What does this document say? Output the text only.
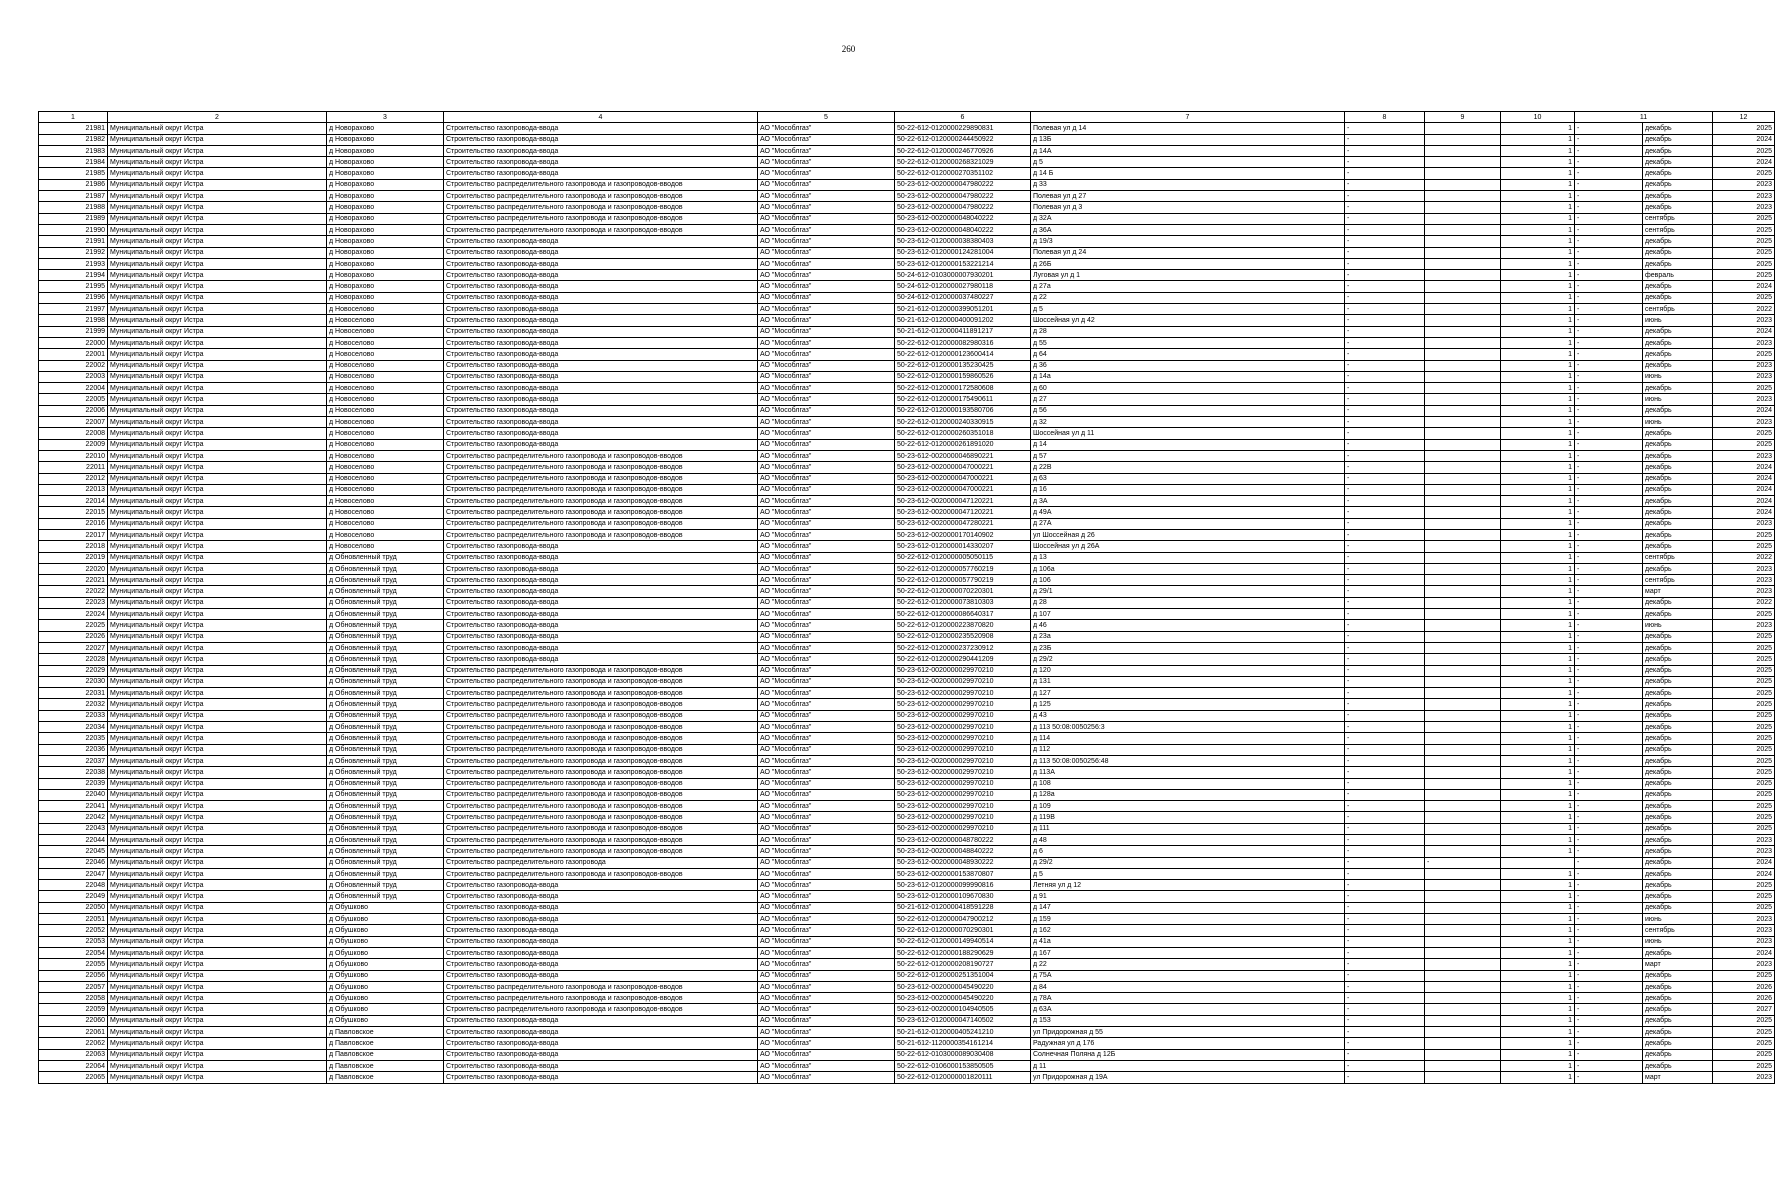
260
1	2	3	4	5	6	7	8	9	10	11		12
21981	Муниципальный округ Истра	д Новорахово	Строительство газопровода-ввода	АО "Мособлгаз"	50-22-612-0120000229890831	Полевая ул д 14	-		1	-	декабрь	2025
21982	Муниципальный округ Истра	д Новорахово	Строительство газопровода-ввода	АО "Мособлгаз"	50-22-612-0120000244450922	д 13Б	-		1	-	декабрь	2024
21983	Муниципальный округ Истра	д Новорахово	Строительство газопровода-ввода	АО "Мособлгаз"	50-22-612-0120000246770926	д 14А	-		1	-	декабрь	2025
21984	Муниципальный округ Истра	д Новорахово	Строительство газопровода-ввода	АО "Мособлгаз"	50-22-612-0120000268321029	д 5	-		1	-	декабрь	2024
21985	Муниципальный округ Истра	д Новорахово	Строительство газопровода-ввода	АО "Мособлгаз"	50-22-612-0120000270351102	д 14 Б	-		1	-	декабрь	2025
21986	Муниципальный округ Истра	д Новорахово	Строительство распределительного газопровода и газопроводов-вводов	АО "Мособлгаз"	50-23-612-0020000047980222	д 33	-		1	-	декабрь	2023
21987	Муниципальный округ Истра	д Новорахово	Строительство распределительного газопровода и газопроводов-вводов	АО "Мособлгаз"	50-23-612-0020000047980222	Полевая ул д 27	-		1	-	декабрь	2023
21988	Муниципальный округ Истра	д Новорахово	Строительство распределительного газопровода и газопроводов-вводов	АО "Мособлгаз"	50-23-612-0020000047980222	Полевая ул д 3	-		1	-	декабрь	2023
21989	Муниципальный округ Истра	д Новорахово	Строительство распределительного газопровода и газопроводов-вводов	АО "Мособлгаз"	50-23-612-0020000048040222	д 32А	-		1	-	сентябрь	2025
21990	Муниципальный округ Истра	д Новорахово	Строительство распределительного газопровода и газопроводов-вводов	АО "Мособлгаз"	50-23-612-0020000048040222	д 36А	-		1	-	сентябрь	2025
21991	Муниципальный округ Истра	д Новорахово	Строительство газопровода-ввода	АО "Мособлгаз"	50-23-612-0120000038380403	д 19/3	-		1	-	декабрь	2025
21992	Муниципальный округ Истра	д Новорахово	Строительство газопровода-ввода	АО "Мособлгаз"	50-23-612-0120000124281004	Полевая ул д 24	-		1	-	декабрь	2025
21993	Муниципальный округ Истра	д Новорахово	Строительство газопровода-ввода	АО "Мособлгаз"	50-23-612-0120000153221214	д 26Б	-		1	-	декабрь	2025
21994	Муниципальный округ Истра	д Новорахово	Строительство газопровода-ввода	АО "Мособлгаз"	50-24-612-0103000007930201	Луговая ул д 1	-		1	-	февраль	2025
21995	Муниципальный округ Истра	д Новорахово	Строительство газопровода-ввода	АО "Мособлгаз"	50-24-612-0120000027980118	д 27а	-		1	-	декабрь	2024
21996	Муниципальный округ Истра	д Новорахово	Строительство газопровода-ввода	АО "Мособлгаз"	50-24-612-0120000037480227	д 22	-		1	-	декабрь	2025
21997	Муниципальный округ Истра	д Новоселово	Строительство газопровода-ввода	АО "Мособлгаз"	50-21-612-0120000399051201	д 5	-		1	-	сентябрь	2022
21998	Муниципальный округ Истра	д Новоселово	Строительство газопровода-ввода	АО "Мособлгаз"	50-21-612-0120000400091202	Шоссейная ул д 42	-		1	-	июнь	2023
21999	Муниципальный округ Истра	д Новоселово	Строительство газопровода-ввода	АО "Мособлгаз"	50-21-612-0120000411891217	д 28	-		1	-	декабрь	2024
22000	Муниципальный округ Истра	д Новоселово	Строительство газопровода-ввода	АО "Мособлгаз"	50-22-612-0120000082980316	д 55	-		1	-	декабрь	2023
22001	Муниципальный округ Истра	д Новоселово	Строительство газопровода-ввода	АО "Мособлгаз"	50-22-612-0120000123600414	д 64	-		1	-	декабрь	2025
22002	Муниципальный округ Истра	д Новоселово	Строительство газопровода-ввода	АО "Мособлгаз"	50-22-612-0120000135230425	д 36	-		1	-	декабрь	2023
22003	Муниципальный округ Истра	д Новоселово	Строительство газопровода-ввода	АО "Мособлгаз"	50-22-612-0120000159860526	д 14а	-		1	-	июнь	2023
22004	Муниципальный округ Истра	д Новоселово	Строительство газопровода-ввода	АО "Мособлгаз"	50-22-612-0120000172580608	д 60	-		1	-	декабрь	2025
22005	Муниципальный округ Истра	д Новоселово	Строительство газопровода-ввода	АО "Мособлгаз"	50-22-612-0120000175490611	д 27	-		1	-	июнь	2023
22006	Муниципальный округ Истра	д Новоселово	Строительство газопровода-ввода	АО "Мособлгаз"	50-22-612-0120000193580706	д 56	-		1	-	декабрь	2024
22007	Муниципальный округ Истра	д Новоселово	Строительство газопровода-ввода	АО "Мособлгаз"	50-22-612-0120000240330915	д 32	-		1	-	июнь	2023
22008	Муниципальный округ Истра	д Новоселово	Строительство газопровода-ввода	АО "Мособлгаз"	50-22-612-0120000260351018	Шоссейная ул д 11	-		1	-	декабрь	2025
22009	Муниципальный округ Истра	д Новоселово	Строительство газопровода-ввода	АО "Мособлгаз"	50-22-612-0120000261891020	д 14	-		1	-	декабрь	2025
22010	Муниципальный округ Истра	д Новоселово	Строительство распределительного газопровода и газопроводов-вводов	АО "Мособлгаз"	50-23-612-0020000046890221	д 57	-		1	-	декабрь	2023
22011	Муниципальный округ Истра	д Новоселово	Строительство распределительного газопровода и газопроводов-вводов	АО "Мособлгаз"	50-23-612-0020000047000221	д 22В	-		1	-	декабрь	2024
22012	Муниципальный округ Истра	д Новоселово	Строительство распределительного газопровода и газопроводов-вводов	АО "Мособлгаз"	50-23-612-0020000047000221	д 63	-		1	-	декабрь	2024
22013	Муниципальный округ Истра	д Новоселово	Строительство распределительного газопровода и газопроводов-вводов	АО "Мособлгаз"	50-23-612-0020000047000221	д 16	-		1	-	декабрь	2024
22014	Муниципальный округ Истра	д Новоселово	Строительство распределительного газопровода и газопроводов-вводов	АО "Мособлгаз"	50-23-612-0020000047120221	д 3А	-		1	-	декабрь	2024
22015	Муниципальный округ Истра	д Новоселово	Строительство распределительного газопровода и газопроводов-вводов	АО "Мособлгаз"	50-23-612-0020000047120221	д 49А	-		1	-	декабрь	2024
22016	Муниципальный округ Истра	д Новоселово	Строительство распределительного газопровода и газопроводов-вводов	АО "Мособлгаз"	50-23-612-0020000047280221	д 27А	-		1	-	декабрь	2023
22017	Муниципальный округ Истра	д Новоселово	Строительство распределительного газопровода и газопроводов-вводов	АО "Мособлгаз"	50-23-612-0020000170140902	ул Шоссейная д 26	-		1	-	декабрь	2025
22018	Муниципальный округ Истра	д Новоселово	Строительство газопровода-ввода	АО "Мособлгаз"	50-23-612-0120000014330207	Шоссейная ул д 26А	-		1	-	декабрь	2025
22019	Муниципальный округ Истра	д Обновленный труд	Строительство газопровода-ввода	АО "Мособлгаз"	50-22-612-0120000005050115	д 13	-		1	-	сентябрь	2022
22020	Муниципальный округ Истра	д Обновленный труд	Строительство газопровода-ввода	АО "Мособлгаз"	50-22-612-0120000057760219	д 106а	-		1	-	декабрь	2023
22021	Муниципальный округ Истра	д Обновленный труд	Строительство газопровода-ввода	АО "Мособлгаз"	50-22-612-0120000057790219	д 106	-		1	-	сентябрь	2023
22022	Муниципальный округ Истра	д Обновленный труд	Строительство газопровода-ввода	АО "Мособлгаз"	50-22-612-0120000070220301	д 29/1	-		1	-	март	2023
22023	Муниципальный округ Истра	д Обновленный труд	Строительство газопровода-ввода	АО "Мособлгаз"	50-22-612-0120000073810303	д 28	-		1	-	декабрь	2022
22024	Муниципальный округ Истра	д Обновленный труд	Строительство газопровода-ввода	АО "Мособлгаз"	50-22-612-0120000086640317	д 107	-		1	-	декабрь	2025
22025	Муниципальный округ Истра	д Обновленный труд	Строительство газопровода-ввода	АО "Мособлгаз"	50-22-612-0120000223870820	д 46	-		1	-	июнь	2023
22026	Муниципальный округ Истра	д Обновленный труд	Строительство газопровода-ввода	АО "Мособлгаз"	50-22-612-0120000235520908	д 23а	-		1	-	декабрь	2025
22027	Муниципальный округ Истра	д Обновленный труд	Строительство газопровода-ввода	АО "Мособлгаз"	50-22-612-0120000237230912	д 23Б	-		1	-	декабрь	2025
22028	Муниципальный округ Истра	д Обновленный труд	Строительство газопровода-ввода	АО "Мособлгаз"	50-22-612-0120000290441209	д 29/2	-		1	-	декабрь	2025
22029	Муниципальный округ Истра	д Обновленный труд	Строительство распределительного газопровода и газопроводов-вводов	АО "Мособлгаз"	50-23-612-0020000029970210	д 120	-		1	-	декабрь	2025
22030	Муниципальный округ Истра	д Обновленный труд	Строительство распределительного газопровода и газопроводов-вводов	АО "Мособлгаз"	50-23-612-0020000029970210	д 131	-		1	-	декабрь	2025
22031	Муниципальный округ Истра	д Обновленный труд	Строительство распределительного газопровода и газопроводов-вводов	АО "Мособлгаз"	50-23-612-0020000029970210	д 127	-		1	-	декабрь	2025
22032	Муниципальный округ Истра	д Обновленный труд	Строительство распределительного газопровода и газопроводов-вводов	АО "Мособлгаз"	50-23-612-0020000029970210	д 125	-		1	-	декабрь	2025
22033	Муниципальный округ Истра	д Обновленный труд	Строительство распределительного газопровода и газопроводов-вводов	АО "Мособлгаз"	50-23-612-0020000029970210	д 43	-		1	-	декабрь	2025
22034	Муниципальный округ Истра	д Обновленный труд	Строительство распределительного газопровода и газопроводов-вводов	АО "Мособлгаз"	50-23-612-0020000029970210	д 113 50:08:0050256:3	-		1	-	декабрь	2025
22035	Муниципальный округ Истра	д Обновленный труд	Строительство распределительного газопровода и газопроводов-вводов	АО "Мособлгаз"	50-23-612-0020000029970210	д 114	-		1	-	декабрь	2025
22036	Муниципальный округ Истра	д Обновленный труд	Строительство распределительного газопровода и газопроводов-вводов	АО "Мособлгаз"	50-23-612-0020000029970210	д 112	-		1	-	декабрь	2025
22037	Муниципальный округ Истра	д Обновленный труд	Строительство распределительного газопровода и газопроводов-вводов	АО "Мособлгаз"	50-23-612-0020000029970210	д 113 50:08:0050256:48	-		1	-	декабрь	2025
22038	Муниципальный округ Истра	д Обновленный труд	Строительство распределительного газопровода и газопроводов-вводов	АО "Мособлгаз"	50-23-612-0020000029970210	д 113А	-		1	-	декабрь	2025
22039	Муниципальный округ Истра	д Обновленный труд	Строительство распределительного газопровода и газопроводов-вводов	АО "Мособлгаз"	50-23-612-0020000029970210	д 108	-		1	-	декабрь	2025
22040	Муниципальный округ Истра	д Обновленный труд	Строительство распределительного газопровода и газопроводов-вводов	АО "Мособлгаз"	50-23-612-0020000029970210	д 128а	-		1	-	декабрь	2025
22041	Муниципальный округ Истра	д Обновленный труд	Строительство распределительного газопровода и газопроводов-вводов	АО "Мособлгаз"	50-23-612-0020000029970210	д 109	-		1	-	декабрь	2025
22042	Муниципальный округ Истра	д Обновленный труд	Строительство распределительного газопровода и газопроводов-вводов	АО "Мособлгаз"	50-23-612-0020000029970210	д 119В	-		1	-	декабрь	2025
22043	Муниципальный округ Истра	д Обновленный труд	Строительство распределительного газопровода и газопроводов-вводов	АО "Мособлгаз"	50-23-612-0020000029970210	д 111	-		1	-	декабрь	2025
22044	Муниципальный округ Истра	д Обновленный труд	Строительство распределительного газопровода и газопроводов-вводов	АО "Мособлгаз"	50-23-612-0020000048780222	д 48	-		1	-	декабрь	2023
22045	Муниципальный округ Истра	д Обновленный труд	Строительство распределительного газопровода и газопроводов-вводов	АО "Мособлгаз"	50-23-612-0020000048840222	д 6	-		1	-	декабрь	2023
22046	Муниципальный округ Истра	д Обновленный труд	Строительство распределительного газопровода	АО "Мособлгаз"	50-23-612-0020000048930222	д 29/2	-	-		-	декабрь	2024
22047	Муниципальный округ Истра	д Обновленный труд	Строительство распределительного газопровода и газопроводов-вводов	АО "Мособлгаз"	50-23-612-0020000153870807	д 5	-		1	-	декабрь	2024
22048	Муниципальный округ Истра	д Обновленный труд	Строительство газопровода-ввода	АО "Мособлгаз"	50-23-612-0120000099990816	Летняя ул д 12	-		1	-	декабрь	2025
22049	Муниципальный округ Истра	д Обновленный труд	Строительство газопровода-ввода	АО "Мособлгаз"	50-23-612-0120000109670830	д 91	-		1	-	декабрь	2025
22050	Муниципальный округ Истра	д Обушково	Строительство газопровода-ввода	АО "Мособлгаз"	50-21-612-0120000418591228	д 147	-		1	-	декабрь	2025
22051	Муниципальный округ Истра	д Обушково	Строительство газопровода-ввода	АО "Мособлгаз"	50-22-612-0120000047900212	д 159	-		1	-	июнь	2023
22052	Муниципальный округ Истра	д Обушково	Строительство газопровода-ввода	АО "Мособлгаз"	50-22-612-0120000070290301	д 162	-		1	-	сентябрь	2023
22053	Муниципальный округ Истра	д Обушково	Строительство газопровода-ввода	АО "Мособлгаз"	50-22-612-0120000149940514	д 41а	-		1	-	июнь	2023
22054	Муниципальный округ Истра	д Обушково	Строительство газопровода-ввода	АО "Мособлгаз"	50-22-612-0120000188290629	д 167	-		1	-	декабрь	2024
22055	Муниципальный округ Истра	д Обушково	Строительство газопровода-ввода	АО "Мособлгаз"	50-22-612-0120000208190727	д 22	-		1	-	март	2023
22056	Муниципальный округ Истра	д Обушково	Строительство газопровода-ввода	АО "Мособлгаз"	50-22-612-0120000251351004	д 75А	-		1	-	декабрь	2025
22057	Муниципальный округ Истра	д Обушково	Строительство распределительного газопровода и газопроводов-вводов	АО "Мособлгаз"	50-23-612-0020000045490220	д 84	-		1	-	декабрь	2026
22058	Муниципальный округ Истра	д Обушково	Строительство распределительного газопровода и газопроводов-вводов	АО "Мособлгаз"	50-23-612-0020000045490220	д 78А	-		1	-	декабрь	2026
22059	Муниципальный округ Истра	д Обушково	Строительство распределительного газопровода и газопроводов-вводов	АО "Мособлгаз"	50-23-612-0020000104940505	д 63А	-		1	-	декабрь	2027
22060	Муниципальный округ Истра	д Обушково	Строительство газопровода-ввода	АО "Мособлгаз"	50-23-612-0120000047140502	д 153	-		1	-	декабрь	2025
22061	Муниципальный округ Истра	д Павловское	Строительство газопровода-ввода	АО "Мособлгаз"	50-21-612-0120000405241210	ул Придорожная д 55	-		1	-	декабрь	2025
22062	Муниципальный округ Истра	д Павловское	Строительство газопровода-ввода	АО "Мособлгаз"	50-21-612-1120000354161214	Радужная ул д 176	-		1	-	декабрь	2025
22063	Муниципальный округ Истра	д Павловское	Строительство газопровода-ввода	АО "Мособлгаз"	50-22-612-0103000089030408	Солнечная Поляна д 12Б	-		1	-	декабрь	2025
22064	Муниципальный округ Истра	д Павловское	Строительство газопровода-ввода	АО "Мособлгаз"	50-22-612-0106000153850505	д 11	-		1	-	декабрь	2025
22065	Муниципальный округ Истра	д Павловское	Строительство газопровода-ввода	АО "Мособлгаз"	50-22-612-0120000001820111	ул Придорожная д 19А	-		1	-	март	2023
